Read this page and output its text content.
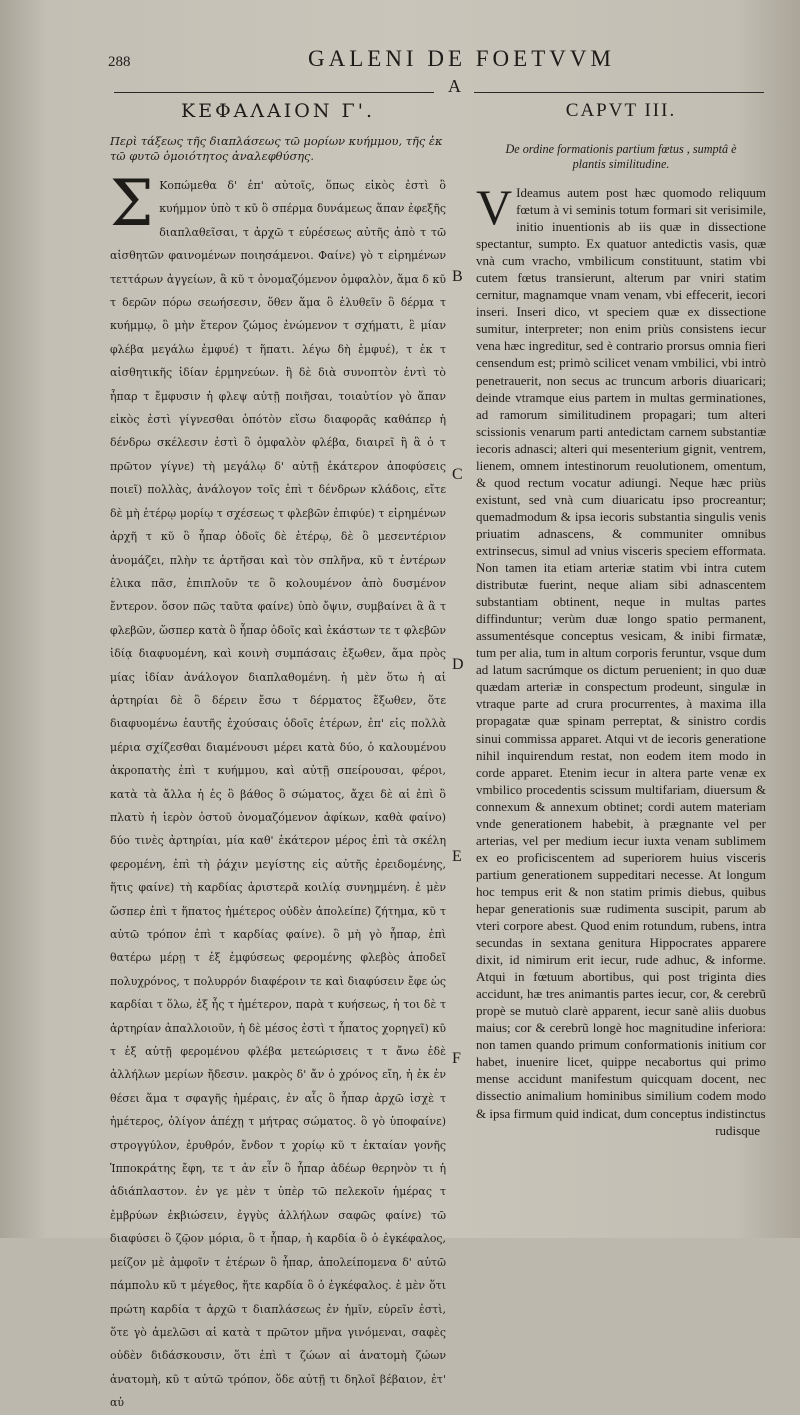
288	GALENI DE FOETVVM
A
ΚΕΦΑΛΑΙΟΝ Γ'.
Περὶ τάξεως τῆς διαπλάσεως τῶ μορίων κυήμμου, τῆς ἐκ
τῶ φυτῶ ὁμοιότητος ἀναλεφθύσης.
Σ Κοπώμεθα δ' ἐπ' αὐτοῖς, ὅπως εἰκὸς ἐστὶ ὃ κυήμμον ὑπὸ τ κῦ ὃ σπέρμα δυνάμεως ἅπαν ἐφεξῆς διαπλαθεῖσαι, τ ἀρχῶ τ εὑρέσεως αὐτῆς ἀπὸ τ τῶ αἰσθητῶν φαινομένων ποιησάμενοι. Φαίνε) γὸ τ εἰρημένων τεττάρων ἀγγείων, ἃ κῦ τ ὀνομαζόμενον ὀμφαλὸν, ἅμα δ κῦ τ δερῶν πόρω σεωήσεσιν, ὅθεν ἅμα ὃ ἐλυθεῖν ὃ δέρμα τ κυήμμῳ, ὃ μὴν ἕτερον ζώμος ἐνώμενον τ σχήματι, ἓ μίαν φλέβα μεγάλω ἐμφυέ) τ ἥπατι. λέγω δὴ ἐμφυέ), τ ἐκ τ αἰσθητικῆς ἰδίαν ἑρμηνεύων. ἢ δὲ διὰ συνοπτὸν ἑντὶ τὸ ἦπαρ τ ἔμφυσιν ἡ φλεψ αὐτῇ ποιῆσαι, τοιαὐτίον γὸ ἅπαν εἰκὸς ἐστὶ γίγνεσθαι ὁπότὸν εἴσω διαφορᾶς καθάπερ ἡ δένδρω σκέλεσιν ἐστὶ ὃ ὀμφαλὸν φλέβα, διαιρεῖ ἢ ἃ ὁ τ πρῶτον γίγνε) τὴ μεγάλῳ δ' αὐτῇ ἑκάτερον ἀποφύσεις ποιεῖ) πολλὰς, ἀνάλογον τοῖς ἐπὶ τ δένδρων κλάδοις, εἴτε δὲ μὴ ἑτέρῳ μορίῳ τ σχέσεως τ φλεβῶν ἐπιφύε) τ εἰρημένων ἀρχῆ τ κῦ ὃ ἧπαρ ὁδοῖς δὲ ἑτέρῳ, δὲ ὃ μεσεντέριον ἀνομάζει, πλὴν τε ἀρτῆσαι καὶ τὸν σπλῆνα, κῦ τ ἐντέρων ἑλικα πᾶσ, ἐπιπλοῦν τε ὃ κολουμένον ἀπὸ δυσμένον ἔντερον. ὅσον πῶς ταῦτα φαίνε) ὑπὸ ὄψιν, συμβαίνει ἃ ἃ τ φλεβῶν, ὥσπερ κατὰ ὃ ἧπαρ ὁδοῖς καὶ ἑκάστων τε τ φλεβῶν ἰδίᾳ διαφυομένη, καὶ κοινὴ συμπάσαις ἐξωθεν, ἅμα πρὸς μίας ἰδίαν ἀνάλογον διαπλαθομένη. ἡ μὲν ὅτω ἡ αἱ ἀρτηρίαι δὲ ὃ δέρειν ἔσω τ δέρματος ἔξωθεν, ὅτε διαφυομένω ἑαυτῆς ἐχούσαις ὁδοῖς ἑτέρων, ἐπ' εἰς πολλὰ μέρια σχίζεσθαι διαμένουσι μέρει κατὰ δύο, ὁ καλουμένου ἀκροπατὴς ἐπὶ τ κυήμμου, καὶ αὐτῇ σπείρουσαι, φέροι, κατὰ τὰ ἄλλα ἡ ἐς ὃ βάθος ὃ σώματος, ἄχει δὲ αἱ ἐπὶ ὃ πλατὺ ἡ ἱερὸν ὀστοῦ ὀνομαζόμενον ἀφίκων, καθὰ φαίνο) δύο τινὲς ἀρτηρίαι, μία καθ' ἑκάτερον μέρος ἐπὶ τὰ σκέλη φερομένη, ἐπὶ τὴ ῥάχιν μεγίστης εἰς αὐτῆς ἐρειδομένης, ἥτις φαίνε) τὴ καρδίας ἀριστερᾶ κοιλίᾳ συνημμένη. ἐ μὲν ὥσπερ ἐπὶ τ ἥπατος ἠμέτερος οὐδὲν ἀπολείπε) ζήτημα, κῦ τ αὐτῶ τρόπον ἐπὶ τ καρδίας φαίνε). ὃ μὴ γὸ ἧπαρ, ἐπὶ θατέρω μέρῃ τ ἐξ ἐμφύσεως φερομένης φλεβὸς ἀποδεῖ πολυχρόνος, τ πολυρρόν διαφέροιν τε καὶ διαφύσειν ἔφε ὡς καρδίαι τ ὅλω, ἐξ ἧς τ ἠμέτερον, παρὰ τ κυήσεως, ἡ τοι δὲ τ ἀρτηρίαν ἀπαλλοιοῦν, ἡ δὲ μέσος ἐστὶ τ ἧπατος χορηγεῖ) κῦ τ ἐξ αὐτῇ φερομένου φλέβα μετεώρισεις τ τ ἄνω ἐδὲ ἀλλήλων μερίων ἤδεσιν. μακρὸς δ' ἄν ὁ χρόνος εἴη, ἡ ἐκ ἐν θέσει ἅμα τ σφαγῆς ἡμέραις, ἐν αἷς ὃ ἧπαρ ἀρχῶ ἰσχὲ τ ἠμέτερος, ὀλίγον ἀπέχῃ τ μήτρας σώματος. ὃ γὸ ὑποφαίνε) στρογγύλον, ἐρυθρόν, ἔνδον τ χορίῳ κῦ τ ἑκταίαν γονῆς Ἱπποκράτης ἔφη, τε τ ἀν εἶν ὃ ἧπαρ ἀδέωρ θερηνὸν τι ἡ ἀδιάπλαστον. ἐν γε μὲν τ ὑπὲρ τῶ πελεκοῖν ἡμέρας τ ἐμβρύων ἐκβιώσειν, ἐγγὺς ἀλλήλων σαφῶς φαίνε) τῶ διαφύσει ὃ ζῷον μόρια, ὃ τ ἧπαρ, ἡ καρδία ὃ ὁ ἐγκέφαλος, μείζον μὲ ἀμφοῖν τ ἑτέρων ὃ ἧπαρ, ἀπολείπομενα δ' αὐτῶ πάμπολυ κῦ τ μέγεθος, ἥτε καρδία ὃ ὁ ἐγκέφαλος. ἐ μὲν ὅτι πρώτη καρδία τ ἀρχῶ τ διαπλάσεως ἐν ἡμῖν, εὑρεῖν ἐστὶ, ὅτε γὸ ἀμελῶσι αἱ κατὰ τ πρῶτον μῆνα γινόμεναι, σαφὲς οὐδὲν διδάσκουσιν, ὅτι ἐπὶ τ ζώων αἱ ἀνατομὴ ζώων ἀνατομὴ, κῦ τ αὐτῶ τρόπον, ὅδε αὐτῇ τι δηλοῖ βέβαιον, ἐτ' αὐ
B
C
D
E
F
CAPVT III.
De ordine formationis partium fœtus , sumptâ è
plantis similitudine.
V Ideamus autem post hæc quomodo reliquum fœtum à vi seminis totum formari sit verisimile, initio inuentionis ab iis quæ in dissectione spectantur, sumpto. Ex quatuor antedictis vasis, quæ vnà cum vracho, vmbilicum constituunt, statim vbi cutem fœtus transierunt, alterum par vniri statim cernitur, magnamque vnam venam, vbi effecerit, iecori inseri. Inseri dico, vt speciem quæ ex dissectione sumitur, interpreter; non enim priùs consistens iecur vena hæc ingreditur, sed è contrario prorsus omnia fieri censendum est; primò scilicet venam vmbilici, vbi intrò penetrauerit, non secus ac truncum arboris diuaricari; deinde vtramque eius partem in multas germinationes, ad ramorum similitudinem propagari; tum alteri scissionis venarum parti antedictam carnem substantiæ iecoris adnasci; alteri qui mesenterium gignit, ventrem, lienem, omnem intestinorum reuolutionem, omentum, & quod rectum vocatur adiungi. Neque hæc priùs existunt, sed vnà cum diuaricatu ipso procreantur; quemadmodum & ipsa iecoris substantia singulis venis priuatim adnascens, & communiter omnibus extrinsecus, simul ad vnius visceris speciem efformata. Non tamen ita etiam arteriæ statim vbi intra cutem distributæ fuerint, neque aliam sibi adnascentem substantiam obtinent, neque in multas partes diffinduntur; verùm duæ longo spatio permanent, assumentésque conceptus vesicam, & inibi firmatæ, tum per alia, tum in altum corporis feruntur, vsque dum ad latum sacrúmque os dictum peruenient; in quo duæ quædam arteriæ in conspectum prodeunt, singulæ in vtraque parte ad crura procurrentes, à maxima illa propagatæ quæ spinam perreptat, & sinistro cordis sinui commissa apparet. Atqui vt de iecoris generatione nihil inquirendum restat, non eodem item modo in corde apparet. Etenim iecur in altera parte venæ ex vmbilico procedentis scissum multifariam, diuersum & connexum & annexum obtinet; cordi autem materiam vnde generationem habebit, à prægnante vel per arterias, vel per medium iecur iuxta venam sublimem ex eo proficiscentem ad superiorem huius visceris partium generationem suppeditari necesse. At longum hoc tempus erit & non statim primis diebus, quibus hepar generationis suæ rudimenta suscipit, parum ab vteri corpore abest. Quod enim rotundum, rubens, intra secundas in sextana genitura Hippocrates apparere dixit, id nimirum erit iecur, rude adhuc, & informe. Atqui in fœtuum abortibus, qui post triginta dies accidunt, hæ tres animantis partes iecur, cor, & cerebrũ propè se mutuò clarè apparent, iecur sanè aliis duobus maius; cor & cerebrũ longè hoc magnitudine inferiora: non tamen quando primum conformationis initium cor habet, inuenire licet, quippe necabortus qui primo mense accidunt manifestum quicquam docent, nec dissectio animalium hominibus similium codem modo & ipsa firmum quid indicat, dum conceptus indistinctus
rudisque
